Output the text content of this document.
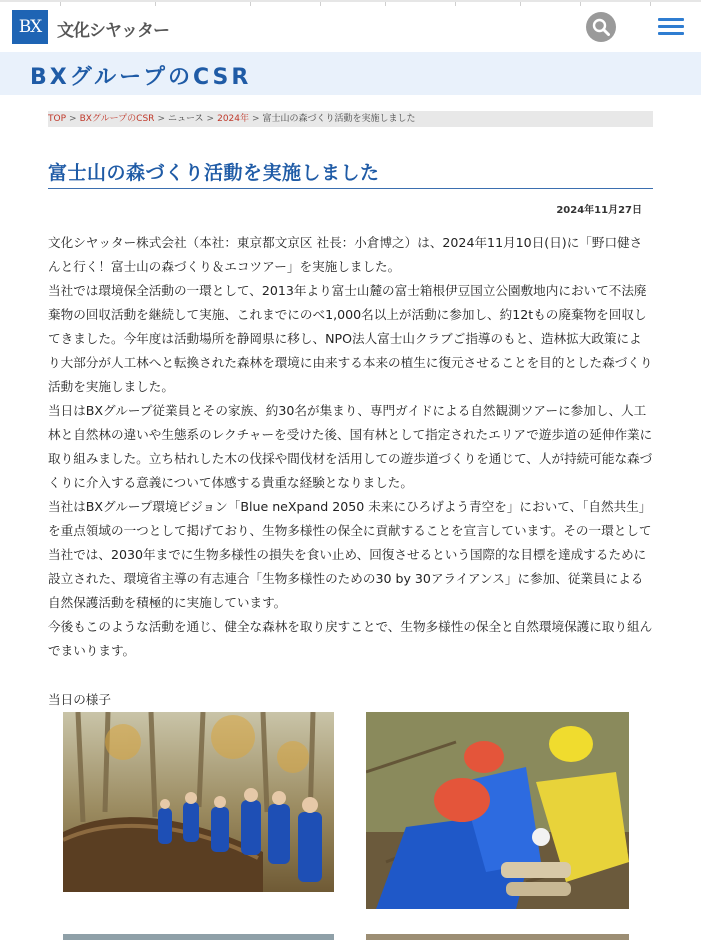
BX 文化シヤッター
BXグループのCSR
TOP > BXグループのCSR > ニュース > 2024年 > 富士山の森づくり活動を実施しました
富士山の森づくり活動を実施しました
2024年11月27日

文化シヤッター株式会社（本社：東京都文京区 社長：小倉博之）は、2024年11月10日(日)に「野口健さんと行く！富士山の森づくり＆エコツアー」を実施しました。

当社では環境保全活動の一環として、2013年より富士山麓の富士箱根伊豆国立公園敷地内において不法廃棄物の回収活動を継続して実施、これまでにのべ1,000名以上が活動に参加し、約12tもの廃棄物を回収してきました。今年度は活動場所を静岡県に移し、NPO法人富士山クラブご指導のもと、造林拡大政策により大部分が人工林へと転換された森林を環境に由来する本来の植生に復元させることを目的とした森づくり活動を実施しました。

当日はBXグループ従業員とその家族、約30名が集まり、専門ガイドによる自然観測ツアーに参加し、人工林と自然林の違いや生態系のレクチャーを受けた後、国有林として指定されたエリアで遊歩道の延伸作業に取り組みました。立ち枯れした木の伐採や間伐材を活用しての遊歩道づくりを通じて、人が持続可能な森づくりに介入する意義について体感する貴重な経験となりました。

当社はBXグループ環境ビジョン「Blue neXpand 2050 未来にひろげよう青空を」において、「自然共生」を重点領域の一つとして掲げており、生物多様性の保全に貢献することを宣言しています。その一環として当社では、2030年までに生物多様性の損失を食い止め、回復させるという国際的な目標を達成するために設立された、環境省主導の有志連合「生物多様性のための30 by 30アライアンス」に参加、従業員による自然保護活動を積極的に実施しています。

今後もこのような活動を通じ、健全な森林を取り戻すことで、生物多様性の保全と自然環境保護に取り組んでまいります。

当日の様子
